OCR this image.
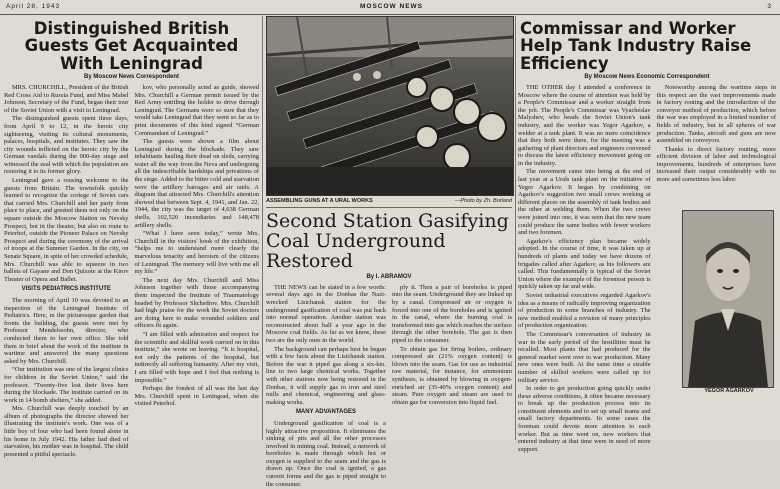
April 28, 1943	MOSCOW NEWS	3
Distinguished British Guests Get Acquainted With Leningrad
By Moscow News Correspondent

MRS. CHURCHILL, President of the British Red Cross Aid to Russia Fund, and Miss Mabel Johnson, Secretary of the Fund, began their tour of the Soviet Union with a visit to Leningrad.

The distinguished guests spent three days, from April 9 to 12, in the heroic city sightseeing, visiting its cultural monuments, palaces, hospitals, and institutes. They saw the city wounds inflicted on the heroic city by the German vandals during the 900-day siege and witnessed the zeal with which the population are restoring it to its former glory.

Leningrad gave a rousing welcome to the guests from Britain. The townsfolk quickly learned to recognize the cortege of Soviet cars that carried Mrs. Churchill and her party from place to place, and greeted them not only on the square outside the Moscow Station on Nevsky Prospect, but in the theater, but also en route to Peterhof, outside the Pioneer Palace on Nevsky Prospect and during the ceremony of the arrival of troops at the Summer Garden. In the city, on Senate Square, in spite of her crowded schedule, Mrs. Churchill was able to squeeze in two ballets of Gayane and Don Quixote at the Kirov Theater of Opera and Ballet.

VISITS PEDIATRICS INSTITUTE

The morning of April 10 was devoted to an inspection of the Leningrad Institute of Pediatrics. Here, in the picturesque garden that fronts the building, the guests were met by Professor Mendelssohn, director, who conducted them to her own office. She told them in brief about the work of the institute in wartime and answered the many questions asked by Mrs. Churchill.

“Our institution was one of the largest clinics for children in the Soviet Union,” said the professor. “Twenty-five lost their lives here during the blockade. The institute carried on its work in 14 bomb shelters,” she added.

Mrs. Churchill was deeply touched by an album of photographs the director showed her illustrating the institute's work. One was of a little boy of four who had been found alone in his home in July 1942. His father had died of starvation, his mother was in hospital. The child presented a pitiful spectacle.

kov, who personally acted as guide, showed Mrs. Churchill a German permit issued by the Red Army entitling the holder to drive through Leningrad. The Germans were so sure that they would take Leningrad that they went so far as to print documents of this kind signed “German Commandant of Leningrad.”

The guests were shown a film about Leningrad during the blockade. They saw inhabitants hauling their dead on sleds, carrying water all the way from the Neva and undergoing all the indescribable hardships and privations of the siege. Added to the bitter cold and starvation were the artillery barrages and air raids. A diagram that attracted Mrs. Churchill's attention showed that between Sept. 4, 1941, and Jan. 22, 1944, the city was the target of 4,638 German shells, 102,520 incendiaries and 148,478 artillery shells.

“What I have seen today,” wrote Mrs. Churchill in the visitors' book of the exhibition, “helps me to understand more clearly the marvelous tenacity and heroism of the citizens of Leningrad. The memory will live with me all my life.”

The next day Mrs. Churchill and Miss Johnson together with those accompanying them inspected the Institute of Traumatology headed by Professor Shchedrov. Mrs. Churchill had high praise for the work the Soviet doctors are doing here to make wounded soldiers and officers fit again.

“I am filled with admiration and respect for the scientific and skillful work carried on in this institute,” she wrote on leaving. “It is hospital, not only the patients of the hospital, but indirectly all suffering humanity. After my visit, I am filled with hope and I feel that nothing is impossible.”

Perhaps the fondest of all was the last day Mrs. Churchill spent in Leningrad, when she visited Peterhof.

ASSEMBLING GUNS AT A URAL WORKS	—Photo by Zh. Borland
Second Station Gasifying Coal Underground Restored
By I. ABRAMOV

THE NEWS can be stated in a few words: several days ago in the Donbas the Nazi-wrecked Lisichansk station for the underground gasification of coal was put back into normal operation. Another station was reconstructed about half a year ago in the Moscow coal fields. As far as we know, these two are the only ones in the world.

The background can perhaps best be begun with a few facts about the Lisichansk station. Before the war it piped gas along a six-km. line to two large chemical works. Together with other stations now being restored in the Donbas, it will supply gas to iron and steel mills and chemical, engineering and glass-making works.

MANY ADVANTAGES

Underground gasification of coal is a highly attractive proposition. It eliminates the sinking of pits and all the other processes involved in mining coal. Instead, a network of boreholes is made through which hot or oxygen is supplied to the seam and the gas is drawn up. Once the coal is ignited, a gas current forms and the gas is piped straight to the consumer.

ply it. Then a pair of boreholes is piped into the seam. Underground they are linked up by a canal. Compressed air or oxygen is forced into one of the boreholes and is ignited in the canal, where the burning coal is transformed into gas which reaches the surface through the other borehole. The gas is then piped to the consumer.

To obtain gas for firing boilers, ordinary compressed air (21% oxygen content) is blown into the seam. Gas for use as industrial raw material, for instance, for ammonium synthesis, is obtained by blowing in oxygen-enriched air (35-40% oxygen content) and steam. Pure oxygen and steam are used to obtain gas for conversion into liquid fuel.

Commissar and Worker Help Tank Industry Raise Efficiency
By Moscow News Economic Correspondent

THE OTHER day I attended a conference in Moscow where the course of attention was held by a People's Commissar and a worker straight from the job. The People's Commissar was Vyacheslav Malyshev, who heads the Soviet Union's tank industry, and the worker was Yegor Agarkov, a welder at a tank plant. It was no mere coincidence that they both were there, for the meeting was a gathering of plant directors and engineers convened to discuss the latest efficiency movement going on in the industry.

The movement came into being at the end of last year at a Urals tank plant on the initiative of Yegor Agarkov. It began by combining on Agarkov's suggestion two small crews working at different places on the assembly of tank bodies and the other at welding them. When the two crews were joined into one, it was seen that the new team could produce the same bodies with fewer workers and two foremen.

Agarkov's efficiency plan became widely adopted. In the course of time, it was taken up at hundreds of plants and today we have dozens of brigades called after Agarkov, as his followers are called. This fundamentally is typical of the Soviet Union where the example of the foremost person is quickly taken up far and wide.

Soviet industrial executives regarded Agarkov's idea as a means of radically improving organization of production in some branches of industry. The new method enabled a revision of many principles of production organization.

The Commissar's conversation of industry in war in the early period of the hostilities must be recalled. Most plants that had produced for the general market went over to war production. Many new ones were built. At the same time a sizable number of skilled workers were called up for military service.

In order to get production going quickly under these adverse conditions, it often became necessary to break up the production process into its constituent elements and to set up small teams and small factory departments. In some cases the foreman could devote more attention to each worker. But as time went on, new workers that entered industry at that time were in need of more support.

Noteworthy among the wartime steps in this respect are the vast improvements made in factory routing and the introduction of the conveyor method of production, which before the war was employed in a limited number of fields of industry, but in all spheres of war production. Tanks, aircraft and guns are now assembled on conveyors.

Thanks to direct factory routing, more efficient division of labor and technological improvements, hundreds of enterprises have increased their output considerably with no more and sometimes less labor.

YEGOR AGARKOV
